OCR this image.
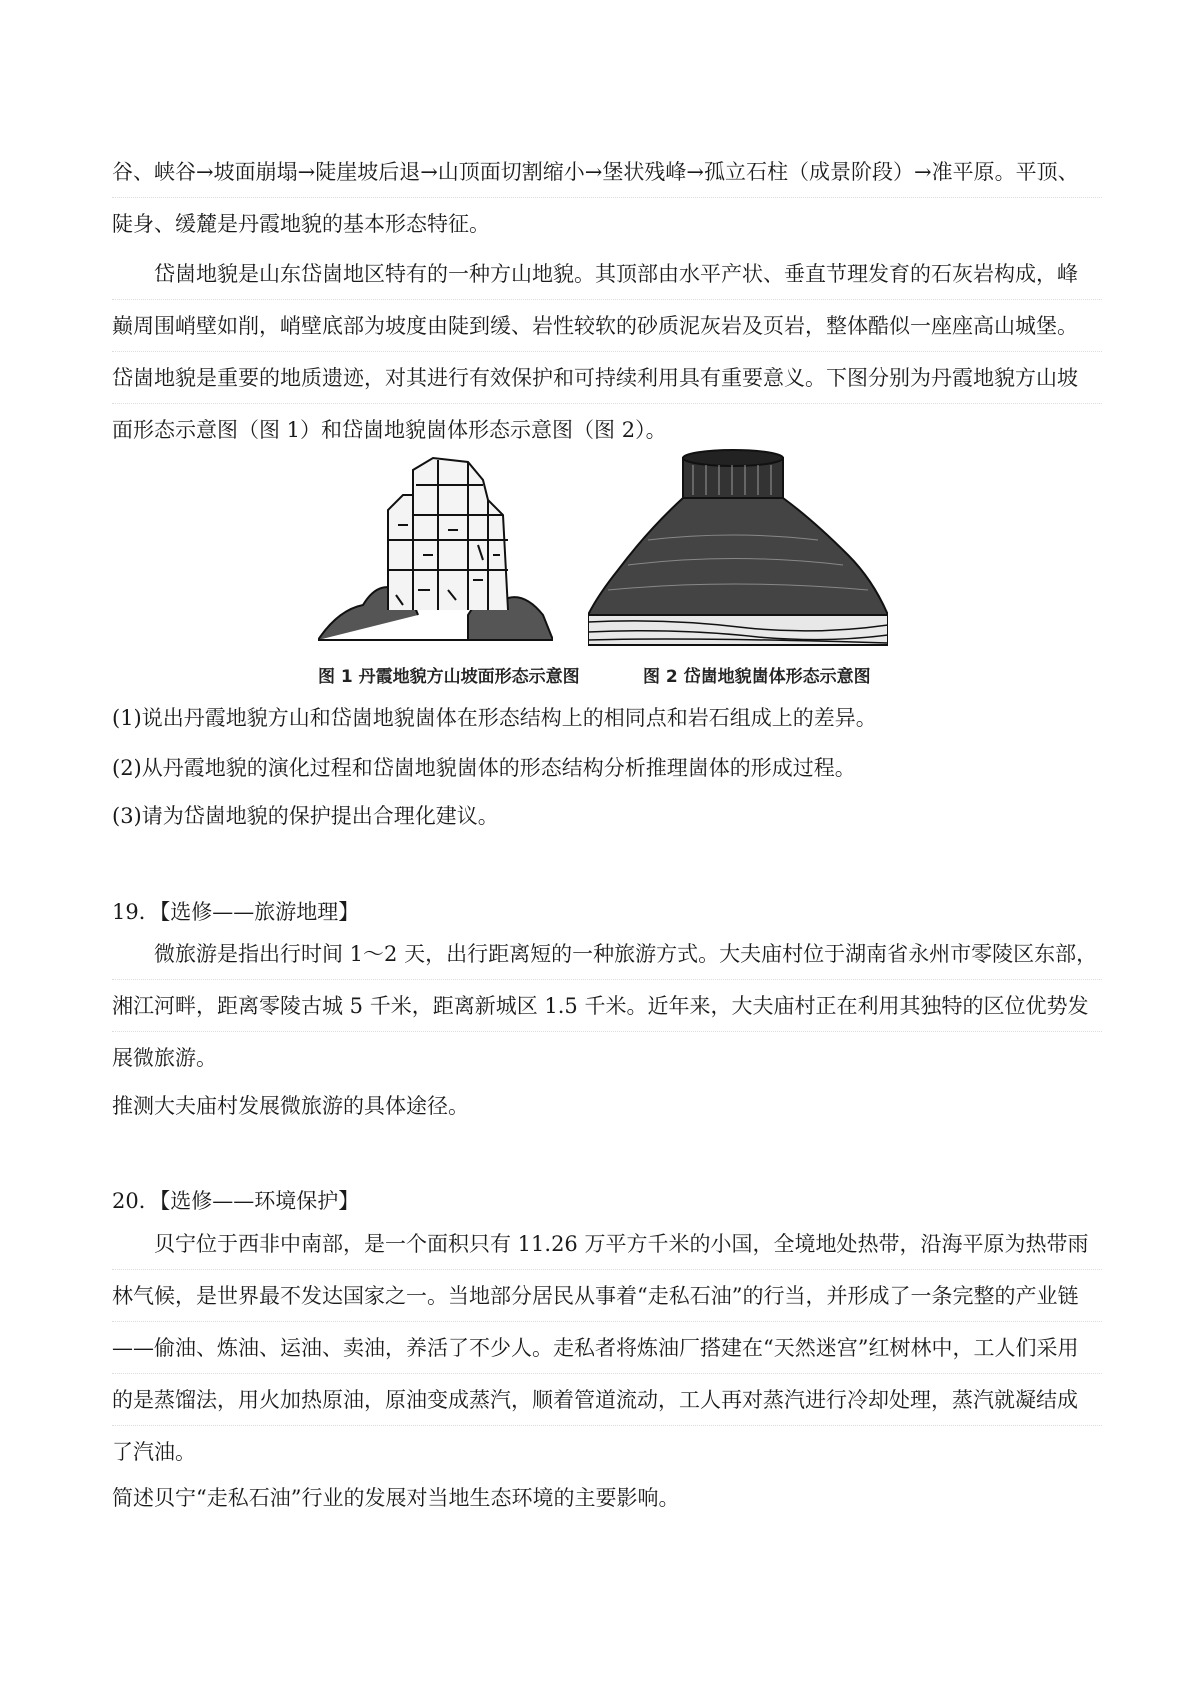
谷、峡谷→坡面崩塌→陡崖坡后退→山顶面切割缩小→堡状残峰→孤立石柱（成景阶段）→准平原。平顶、
陡身、缓麓是丹霞地貌的基本形态特征。
岱崮地貌是山东岱崮地区特有的一种方山地貌。其顶部由水平产状、垂直节理发育的石灰岩构成，峰
巅周围峭壁如削，峭壁底部为坡度由陡到缓、岩性较软的砂质泥灰岩及页岩，整体酷似一座座高山城堡。
岱崮地貌是重要的地质遗迹，对其进行有效保护和可持续利用具有重要意义。下图分别为丹霞地貌方山坡
面形态示意图（图 1）和岱崮地貌崮体形态示意图（图 2）。
图 1 丹霞地貌方山坡面形态示意图	图 2 岱崮地貌崮体形态示意图
(1)说出丹霞地貌方山和岱崮地貌崮体在形态结构上的相同点和岩石组成上的差异。
(2)从丹霞地貌的演化过程和岱崮地貌崮体的形态结构分析推理崮体的形成过程。
(3)请为岱崮地貌的保护提出合理化建议。
19．【选修——旅游地理】
微旅游是指出行时间 1～2 天，出行距离短的一种旅游方式。大夫庙村位于湖南省永州市零陵区东部，
湘江河畔，距离零陵古城 5 千米，距离新城区 1.5 千米。近年来，大夫庙村正在利用其独特的区位优势发
展微旅游。
推测大夫庙村发展微旅游的具体途径。
20．【选修——环境保护】
贝宁位于西非中南部，是一个面积只有 11.26 万平方千米的小国，全境地处热带，沿海平原为热带雨
林气候，是世界最不发达国家之一。当地部分居民从事着“走私石油”的行当，并形成了一条完整的产业链
——偷油、炼油、运油、卖油，养活了不少人。走私者将炼油厂搭建在“天然迷宫”红树林中，工人们采用
的是蒸馏法，用火加热原油，原油变成蒸汽，顺着管道流动，工人再对蒸汽进行冷却处理，蒸汽就凝结成
了汽油。
简述贝宁“走私石油”行业的发展对当地生态环境的主要影响。
